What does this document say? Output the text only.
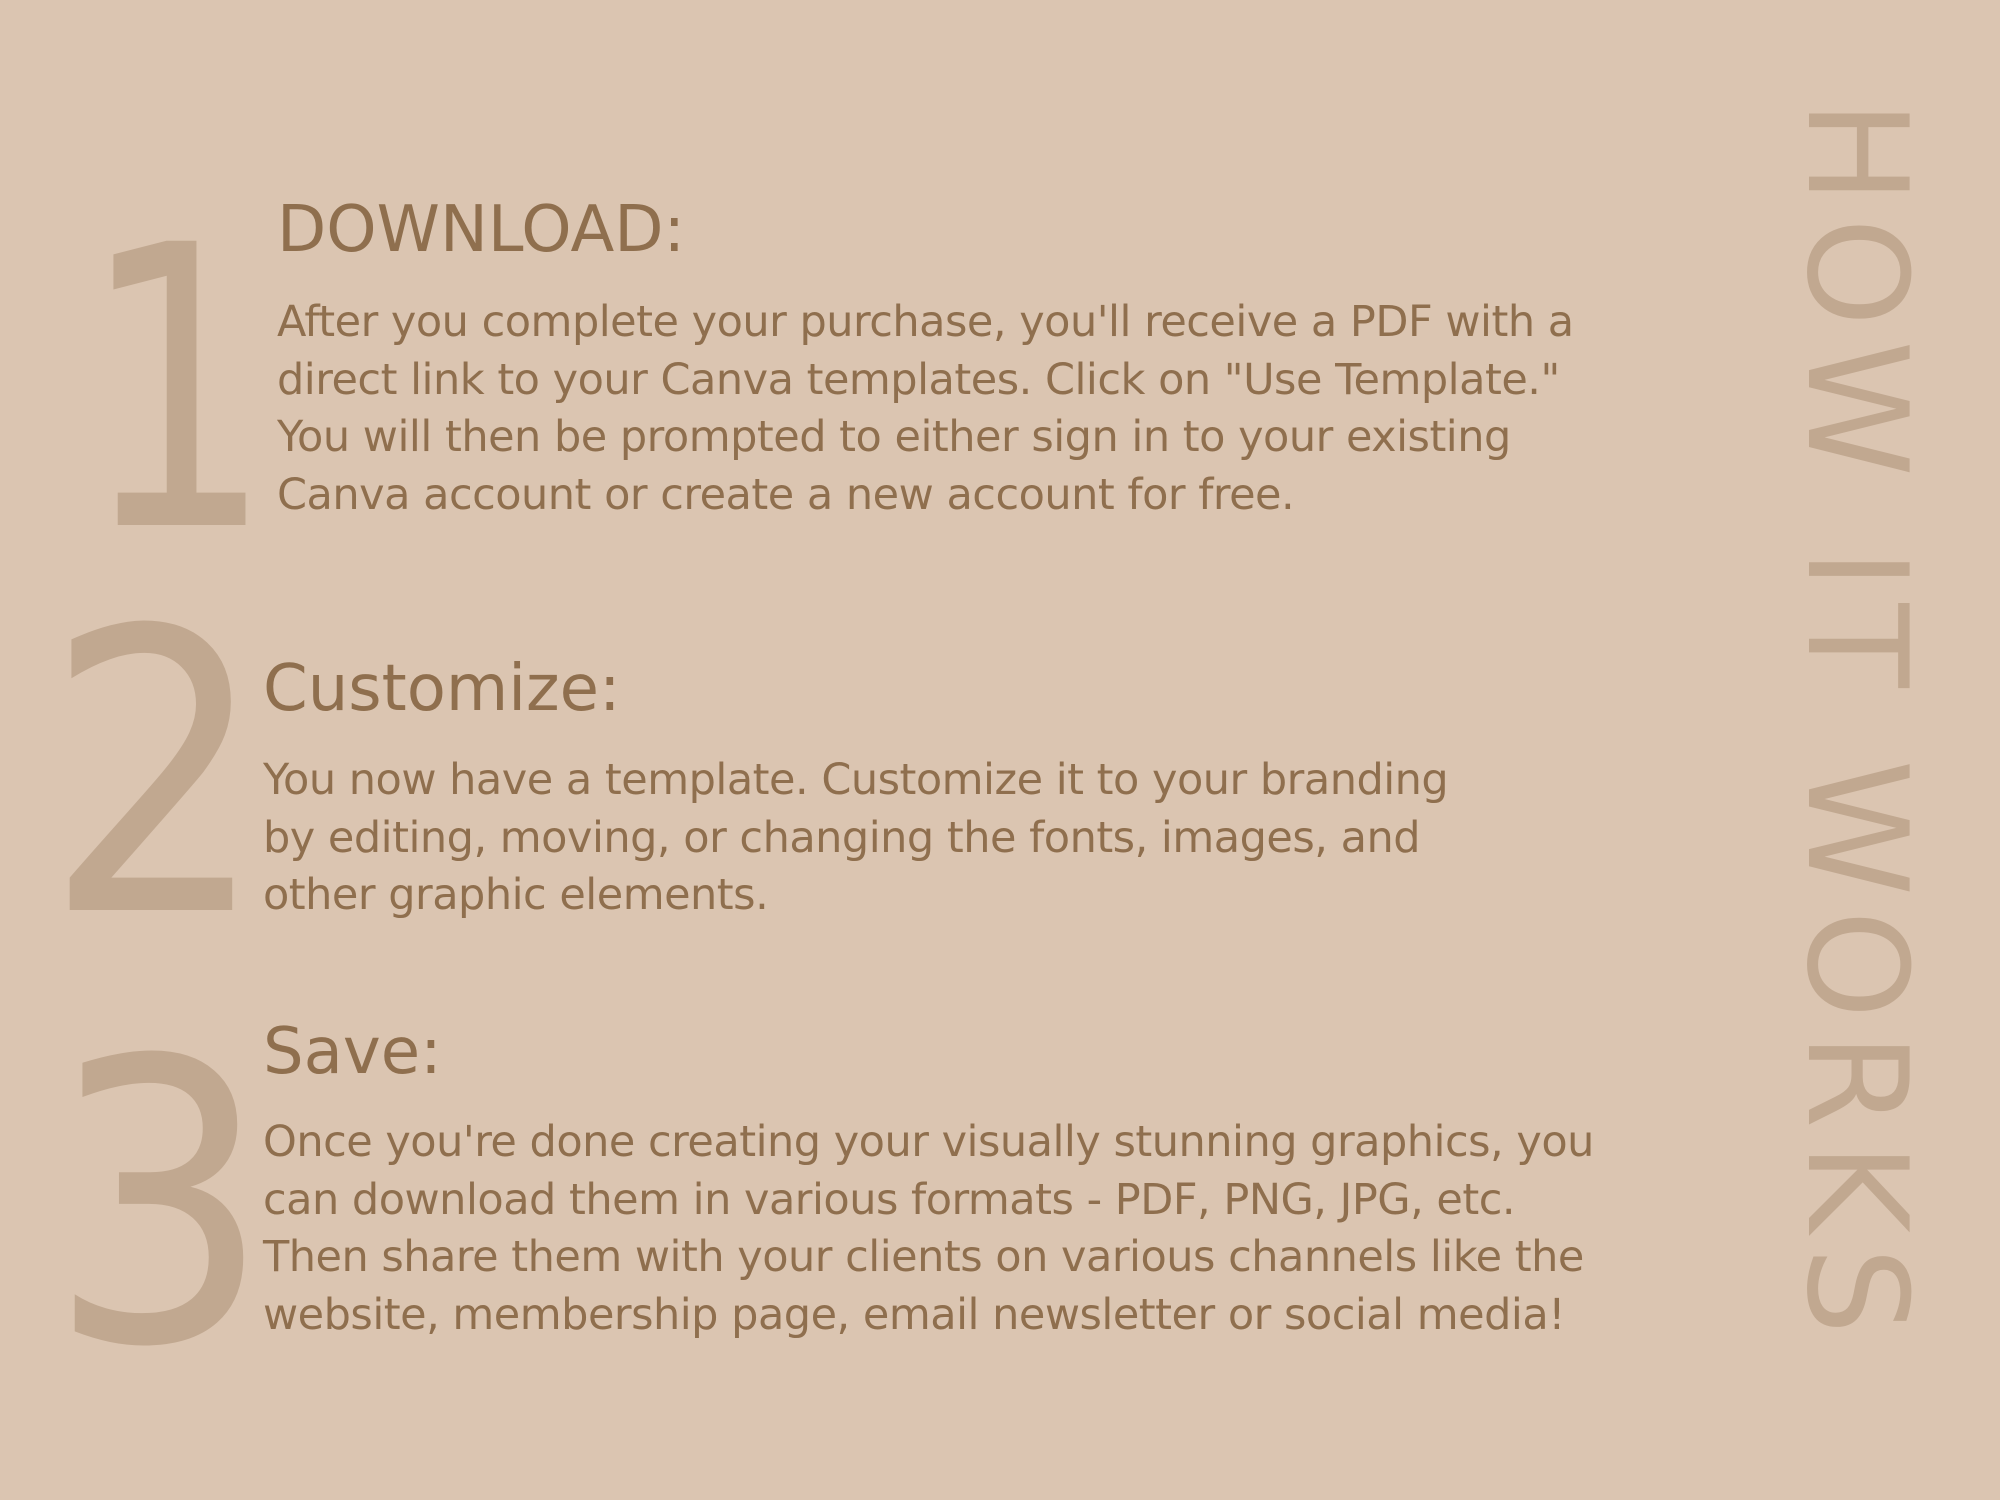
1 DOWNLOAD:

After you complete your purchase, you'll receive a PDF with a direct link to your Canva templates. Click on "Use Template." You will then be prompted to either sign in to your existing Canva account or create a new account for free.

2 Customize:

You now have a template. Customize it to your branding by editing, moving, or changing the fonts, images, and other graphic elements.

3
Save:

Once you're done creating your visually stunning graphics, you can download them in various formats - PDF, PNG, JPG, etc. Then share them with your clients on various channels like the website, membership page, email newsletter or social media!	HOW IT WORKS
